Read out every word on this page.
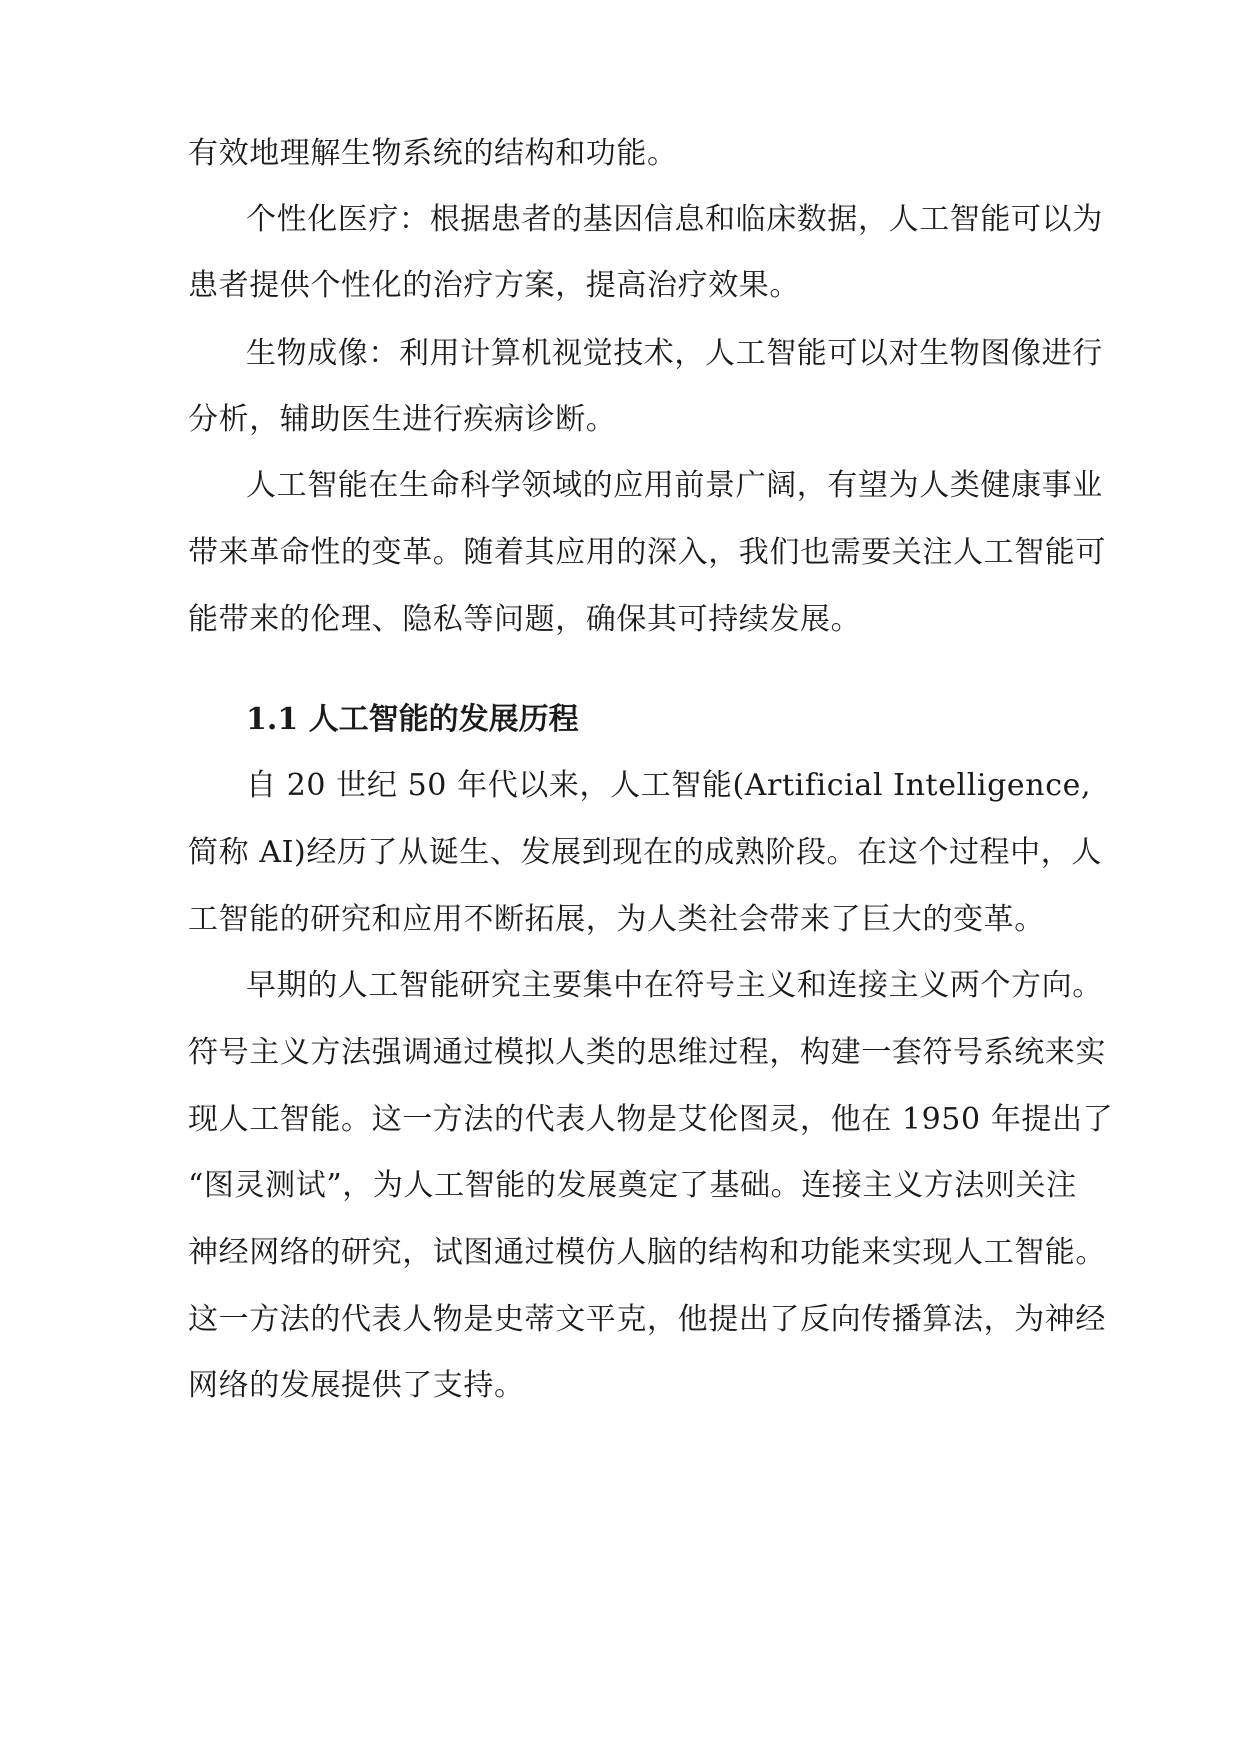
有效地理解生物系统的结构和功能。

个性化医疗：根据患者的基因信息和临床数据，人工智能可以为

患者提供个性化的治疗方案，提高治疗效果。

生物成像：利用计算机视觉技术，人工智能可以对生物图像进行

分析，辅助医生进行疾病诊断。

人工智能在生命科学领域的应用前景广阔，有望为人类健康事业

带来革命性的变革。随着其应用的深入，我们也需要关注人工智能可

能带来的伦理、隐私等问题，确保其可持续发展。

1.1 人工智能的发展历程

自 20 世纪 50 年代以来，人工智能(Artificial Intelligence,

简称 AI)经历了从诞生、发展到现在的成熟阶段。在这个过程中，人

工智能的研究和应用不断拓展，为人类社会带来了巨大的变革。

早期的人工智能研究主要集中在符号主义和连接主义两个方向。

符号主义方法强调通过模拟人类的思维过程，构建一套符号系统来实

现人工智能。这一方法的代表人物是艾伦图灵，他在 1950 年提出了

“图灵测试”，为人工智能的发展奠定了基础。连接主义方法则关注

神经网络的研究，试图通过模仿人脑的结构和功能来实现人工智能。

这一方法的代表人物是史蒂文平克，他提出了反向传播算法，为神经

网络的发展提供了支持。
